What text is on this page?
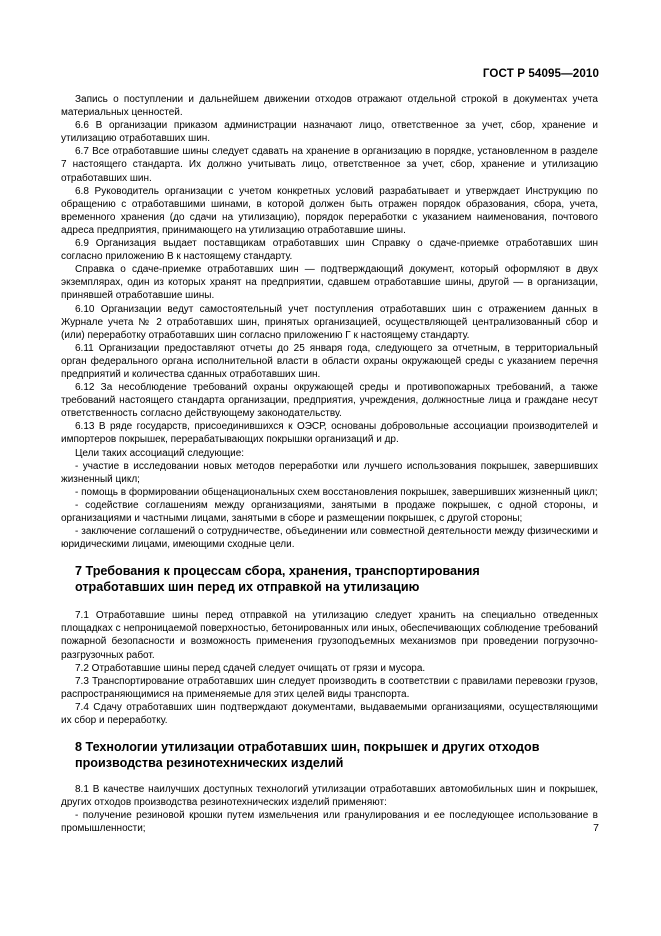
ГОСТ Р 54095—2010

Запись о поступлении и дальнейшем движении отходов отражают отдельной строкой в документах учета материальных ценностей.

6.6 В организации приказом администрации назначают лицо, ответственное за учет, сбор, хранение и утилизацию отработавших шин.

6.7 Все отработавшие шины следует сдавать на хранение в организацию в порядке, установленном в разделе 7 настоящего стандарта. Их должно учитывать лицо, ответственное за учет, сбор, хранение и утилизацию отработавших шин.

6.8 Руководитель организации с учетом конкретных условий разрабатывает и утверждает Инструкцию по обращению с отработавшими шинами, в которой должен быть отражен порядок образования, сбора, учета, временного хранения (до сдачи на утилизацию), порядок переработки с указанием наименования, почтового адреса предприятия, принимающего на утилизацию отработавшие шины.

6.9 Организация выдает поставщикам отработавших шин Справку о сдаче-приемке отработавших шин согласно приложению В к настоящему стандарту.

Справка о сдаче-приемке отработавших шин — подтверждающий документ, который оформляют в двух экземплярах, один из которых хранят на предприятии, сдавшем отработавшие шины, другой — в организации, принявшей отработавшие шины.

6.10 Организации ведут самостоятельный учет поступления отработавших шин с отражением данных в Журнале учета № 2 отработавших шин, принятых организацией, осуществляющей централизованный сбор и (или) переработку отработавших шин согласно приложению Г к настоящему стандарту.

6.11 Организации предоставляют отчеты до 25 января года, следующего за отчетным, в территориальный орган федерального органа исполнительной власти в области охраны окружающей среды с указанием перечня предприятий и количества сданных отработавших шин.

6.12 За несоблюдение требований охраны окружающей среды и противопожарных требований, а также требований настоящего стандарта организации, предприятия, учреждения, должностные лица и граждане несут ответственность согласно действующему законодательству.

6.13 В ряде государств, присоединившихся к ОЭСР, основаны добровольные ассоциации производителей и импортеров покрышек, перерабатывающих покрышки организаций и др.

Цели таких ассоциаций следующие:

- участие в исследовании новых методов переработки или лучшего использования покрышек, завершивших жизненный цикл;

- помощь в формировании общенациональных схем восстановления покрышек, завершивших жизненный цикл;

- содействие соглашениям между организациями, занятыми в продаже покрышек, с одной стороны, и организациями и частными лицами, занятыми в сборе и размещении покрышек, с другой стороны;

- заключение соглашений о сотрудничестве, объединении или совместной деятельности между физическими и юридическими лицами, имеющими сходные цели.

7 Требования к процессам сбора, хранения, транспортирования
отработавших шин перед их отправкой на утилизацию

7.1 Отработавшие шины перед отправкой на утилизацию следует хранить на специально отведенных площадках с непроницаемой поверхностью, бетонированных или иных, обеспечивающих соблюдение требований пожарной безопасности и возможность применения грузоподъемных механизмов при проведении погрузочно-разгрузочных работ.

7.2 Отработавшие шины перед сдачей следует очищать от грязи и мусора.

7.3 Транспортирование отработавших шин следует производить в соответствии с правилами перевозки грузов, распространяющимися на применяемые для этих целей виды транспорта.

7.4 Сдачу отработавших шин подтверждают документами, выдаваемыми организациями, осуществляющими их сбор и переработку.

8 Технологии утилизации отработавших шин, покрышек и других отходов
производства резинотехнических изделий

8.1 В качестве наилучших доступных технологий утилизации отработавших автомобильных шин и покрышек, других отходов производства резинотехнических изделий применяют:

- получение резиновой крошки путем измельчения или гранулирования и ее последующее использование в промышленности;	7
